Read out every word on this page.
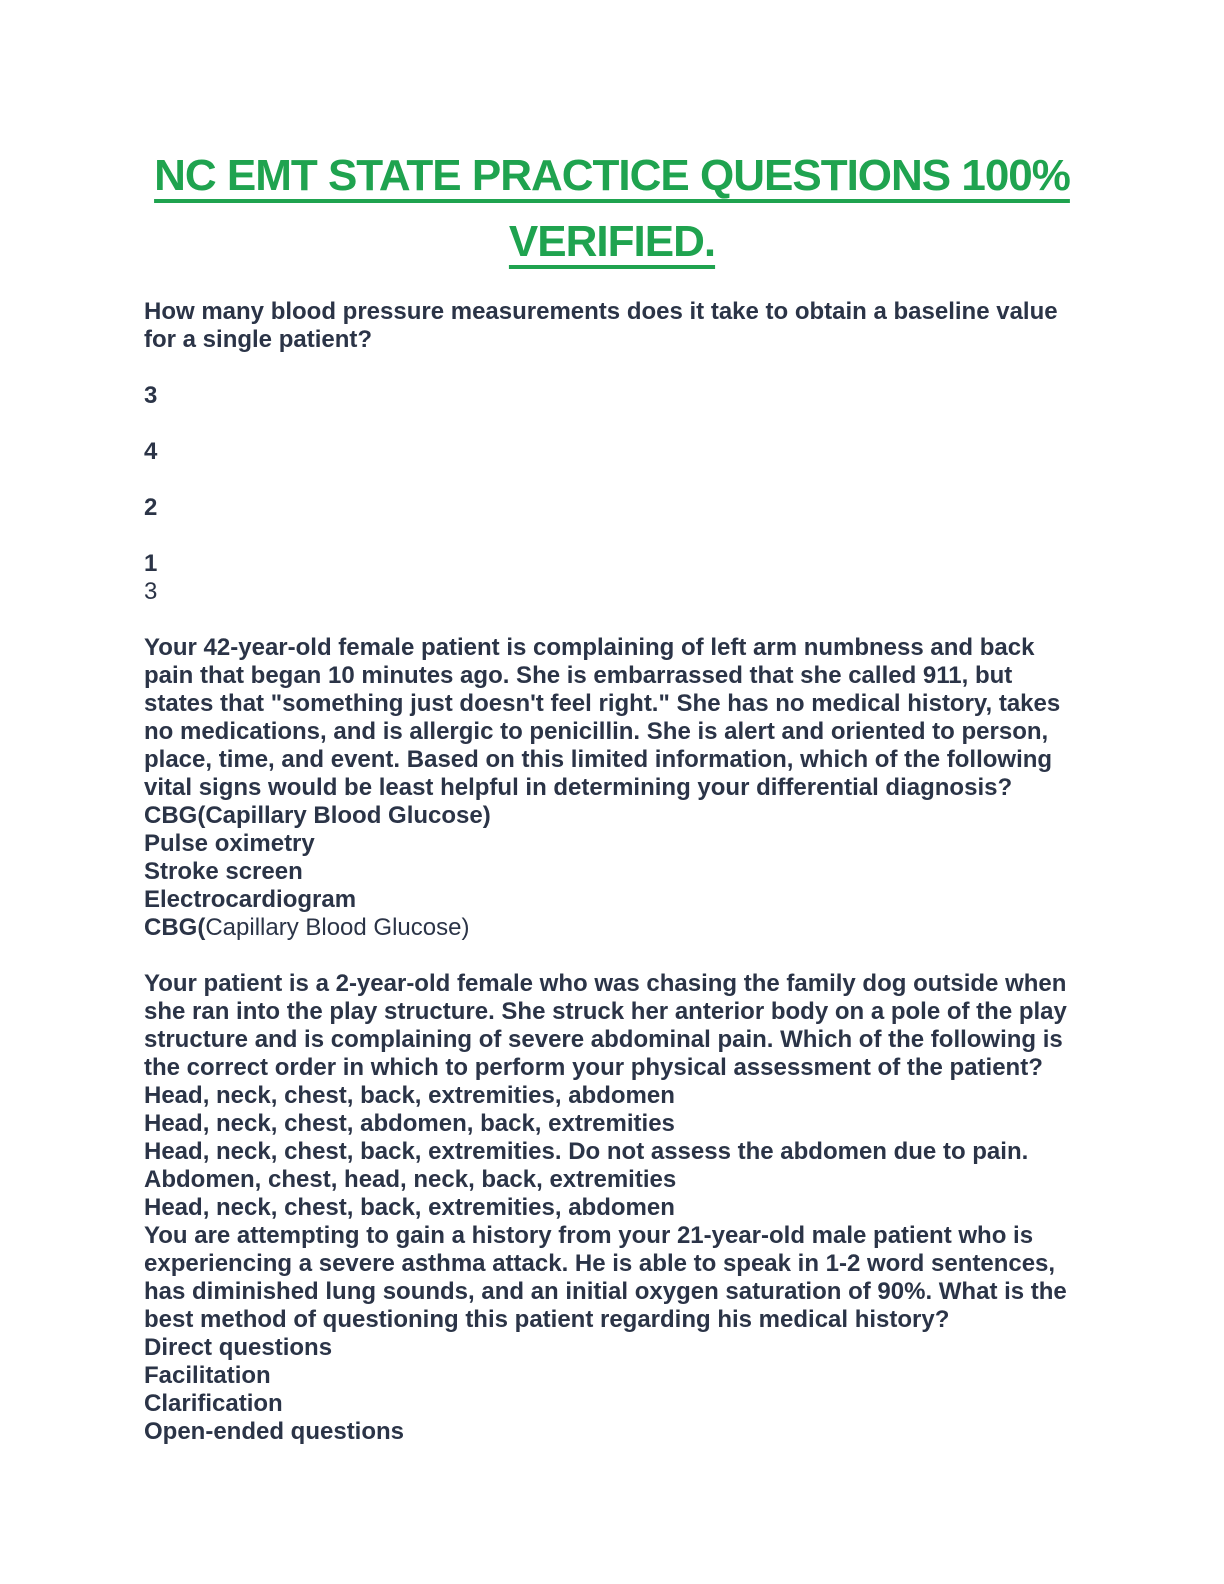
NC EMT STATE PRACTICE QUESTIONS 100%
VERIFIED.

How many blood pressure measurements does it take to obtain a baseline value for a single patient?

3

4

2

1

3

Your 42-year-old female patient is complaining of left arm numbness and back pain that began 10 minutes ago. She is embarrassed that she called 911, but states that "something just doesn't feel right." She has no medical history, takes no medications, and is allergic to penicillin. She is alert and oriented to person, place, time, and event. Based on this limited information, which of the following vital signs would be least helpful in determining your differential diagnosis?

CBG(Capillary Blood Glucose)

Pulse oximetry

Stroke screen

Electrocardiogram

CBG(Capillary Blood Glucose)

Your patient is a 2-year-old female who was chasing the family dog outside when she ran into the play structure. She struck her anterior body on a pole of the play structure and is complaining of severe abdominal pain. Which of the following is the correct order in which to perform your physical assessment of the patient?

Head, neck, chest, back, extremities, abdomen

Head, neck, chest, abdomen, back, extremities

Head, neck, chest, back, extremities. Do not assess the abdomen due to pain.

Abdomen, chest, head, neck, back, extremities

Head, neck, chest, back, extremities, abdomen

You are attempting to gain a history from your 21-year-old male patient who is experiencing a severe asthma attack. He is able to speak in 1-2 word sentences, has diminished lung sounds, and an initial oxygen saturation of 90%. What is the best method of questioning this patient regarding his medical history?

Direct questions

Facilitation

Clarification

Open-ended questions
